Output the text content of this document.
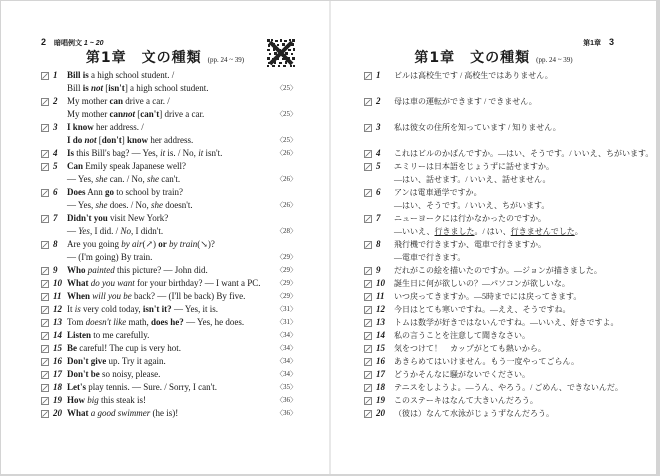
2 暗唱例文 1 ~ 20
第1章　文の種類 (pp. 24 ~ 39)
1	Bill is a high school student. /
Bill is not [isn't] a high school student.	〈25〉
2	My mother can drive a car. /
My mother cannot [can't] drive a car.	〈25〉
3	I know her address. /
I do not [don't] know her address.	〈25〉
4	Is this Bill's bag? — Yes, it is. / No, it isn't.	〈26〉
5	Can Emily speak Japanese well?
— Yes, she can. / No, she can't.	〈26〉
6	Does Ann go to school by train?
— Yes, she does. / No, she doesn't.	〈26〉
7	Didn't you visit New York?
— Yes, I did. / No, I didn't.	〈28〉
8	Are you going by air(↗) or by train(↘)?
— (I'm going) By train.	〈29〉
9	Who painted this picture? — John did.	〈29〉
10 What do you want for your birthday? — I want a PC. 〈29〉
11 When will you be back? — (I'll be back) By five.	〈29〉
12 It is very cold today, isn't it? — Yes, it is.	〈31〉
13 Tom doesn't like math, does he? — Yes, he does.	〈31〉
14 Listen to me carefully.	〈34〉
15 Be careful! The cup is very hot.	〈34〉
16 Don't give up. Try it again.	〈34〉
17 Don't be so noisy, please.	〈34〉
18 Let's play tennis. — Sure. / Sorry, I can't.	〈35〉
19 How big this steak is!	〈36〉
20 What a good swimmer (he is)!	〈36〉
第1章 3
第1章　文の種類 (pp. 24 ~ 39)
1	ビルは高校生です / 高校生ではありません。
2	母は車の運転ができます / できません。
3	私は彼女の住所を知っています / 知りません。
4	これはビルのかばんですか。—はい、そうです。/ いいえ、ちがいます。
5	エミリーは日本語をじょうずに話せますか。
—はい、話せます。/ いいえ、話せません。
6	アンは電車通学ですか。
—はい、そうです。/ いいえ、ちがいます。
7	ニューヨークには行かなかったのですか。
—いいえ、行きました。/ はい、行きませんでした。
8	飛行機で行きますか、電車で行きますか。
—電車で行きます。
9	だれがこの絵を描いたのですか。—ジョンが描きました。
10	誕生日に何が欲しいの？—パソコンが欲しいな。
11	いつ戻ってきますか。—5時までには戻ってきます。
12	今日はとても寒いですね。—ええ、そうですね。
13	トムは数学が好きではないんですね。—いいえ、好きですよ。
14	私の言うことを注意して聞きなさい。
15	気をつけて！　カップがとても熱いから。
16	あきらめてはいけません。もう一度やってごらん。
17	どうかそんなに騒がないでください。
18	テニスをしようよ。—うん、やろう。/ ごめん、できないんだ。
19	このステーキはなんて大きいんだろう。
20	（彼は）なんて水泳がじょうずなんだろう。
